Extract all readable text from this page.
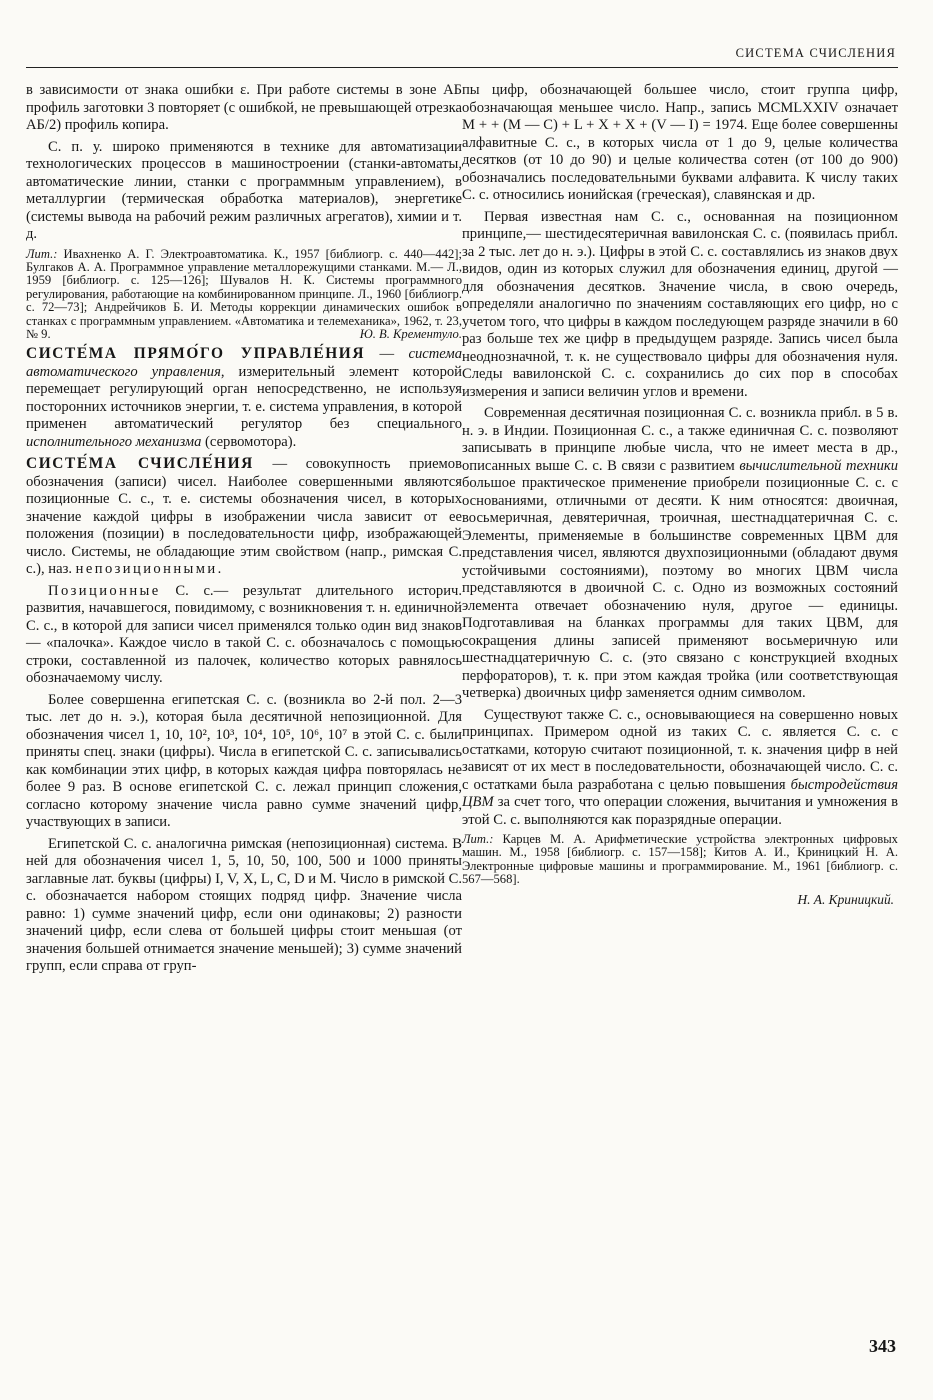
СИСТЕМА СЧИСЛЕНИЯ

в зависимости от знака ошибки ε. При работе системы в зоне АБ профиль заготовки 3 повторяет (с ошибкой, не превышающей отрезка АБ/2) профиль копира.

С. п. у. широко применяются в технике для автоматизации технологических процессов в машиностроении (станки-автоматы, автоматические линии, станки с программным управлением), в металлургии (термическая обработка материалов), энергетике (системы вывода на рабочий режим различных агрегатов), химии и т. д.

Лит.: Ивахненко А. Г. Электроавтоматика. К., 1957 [библиогр. с. 440—442]; Булгаков А. А. Программное управление металлорежущими станками. М.— Л., 1959 [библиогр. с. 125—126]; Шувалов Н. К. Системы программного регулирования, работающие на комбинированном принципе. Л., 1960 [библиогр. с. 72—73]; Андрейчиков Б. И. Методы коррекции динамических ошибок в станках с программным управлением. «Автоматика и телемеханика», 1962, т. 23, № 9.	Ю. В. Крементуло.

СИСТЕ́МА ПРЯМО́ГО УПРАВЛЕ́НИЯ — система автоматического управления, измерительный элемент которой перемещает регулирующий орган непосредственно, не используя посторонних источников энергии, т. е. система управления, в которой применен автоматический регулятор без специального исполнительного механизма (сервомотора).

СИСТЕ́МА СЧИСЛЕ́НИЯ — совокупность приемов обозначения (записи) чисел. Наиболее совершенными являются позиционные С. с., т. е. системы обозначения чисел, в которых значение каждой цифры в изображении числа зависит от ее положения (позиции) в последовательности цифр, изображающей число. Системы, не обладающие этим свойством (напр., римская С. с.), наз. непозиционными.

Позиционные С. с.— результат длительного историч. развития, начавшегося, повидимому, с возникновения т. н. единичной С. с., в которой для записи чисел применялся только один вид знаков — «палочка». Каждое число в такой С. с. обозначалось с помощью строки, составленной из палочек, количество которых равнялось обозначаемому числу.

Более совершенна египетская С. с. (возникла во 2-й пол. 2—3 тыс. лет до н. э.), которая была десятичной непозиционной. Для обозначения чисел 1, 10, 10², 10³, 10⁴, 10⁵, 10⁶, 10⁷ в этой С. с. были приняты спец. знаки (цифры). Числа в египетской С. с. записывались как комбинации этих цифр, в которых каждая цифра повторялась не более 9 раз. В основе египетской С. с. лежал принцип сложения, согласно которому значение числа равно сумме значений цифр, участвующих в записи.

Египетской С. с. аналогична римская (непозиционная) система. В ней для обозначения чисел 1, 5, 10, 50, 100, 500 и 1000 приняты заглавные лат. буквы (цифры) I, V, X, L, C, D и M. Число в римской С. с. обозначается набором стоящих подряд цифр. Значение числа равно: 1) сумме значений цифр, если они одинаковы; 2) разности значений цифр, если слева от большей цифры стоит меньшая (от значения большей отнимается значение меньшей); 3) сумме значений групп, если справа от груп-

пы цифр, обозначающей большее число, стоит группа цифр, обозначающая меньшее число. Напр., запись MCMLXXIV означает M + + (M — C) + L + X + X + (V — I) = 1974. Еще более совершенны алфавитные С. с., в которых числа от 1 до 9, целые количества десятков (от 10 до 90) и целые количества сотен (от 100 до 900) обозначались последовательными буквами алфавита. К числу таких С. с. относились ионийская (греческая), славянская и др.

Первая известная нам С. с., основанная на позиционном принципе,— шестидесятеричная вавилонская С. с. (появилась прибл. за 2 тыс. лет до н. э.). Цифры в этой С. с. составлялись из знаков двух видов, один из которых служил для обозначения единиц, другой — для обозначения десятков. Значение числа, в свою очередь, определяли аналогично по значениям составляющих его цифр, но с учетом того, что цифры в каждом последующем разряде значили в 60 раз больше тех же цифр в предыдущем разряде. Запись чисел была неоднозначной, т. к. не существовало цифры для обозначения нуля. Следы вавилонской С. с. сохранились до сих пор в способах измерения и записи величин углов и времени.

Современная десятичная позиционная С. с. возникла прибл. в 5 в. н. э. в Индии. Позиционная С. с., а также единичная С. с. позволяют записывать в принципе любые числа, что не имеет места в др., описанных выше С. с. В связи с развитием вычислительной техники большое практическое применение приобрели позиционные С. с. с основаниями, отличными от десяти. К ним относятся: двоичная, восьмеричная, девятеричная, троичная, шестнадцатеричная С. с. Элементы, применяемые в большинстве современных ЦВМ для представления чисел, являются двухпозиционными (обладают двумя устойчивыми состояниями), поэтому во многих ЦВМ числа представляются в двоичной С. с. Одно из возможных состояний элемента отвечает обозначению нуля, другое — единицы. Подготавливая на бланках программы для таких ЦВМ, для сокращения длины записей применяют восьмеричную или шестнадцатеричную С. с. (это связано с конструкцией входных перфораторов), т. к. при этом каждая тройка (или соответствующая четверка) двоичных цифр заменяется одним символом.

Существуют также С. с., основывающиеся на совершенно новых принципах. Примером одной из таких С. с. является С. с. с остатками, которую считают позиционной, т. к. значения цифр в ней зависят от их мест в последовательности, обозначающей число. С. с. с остатками была разработана с целью повышения быстродействия ЦВМ за счет того, что операции сложения, вычитания и умножения в этой С. с. выполняются как поразрядные операции.

Лит.: Карцев М. А. Арифметические устройства электронных цифровых машин. М., 1958 [библиогр. с. 157—158]; Китов А. И., Криницкий Н. А. Электронные цифровые машины и программирование. М., 1961 [библиогр. с. 567—568].
Н. А. Криницкий.
343
